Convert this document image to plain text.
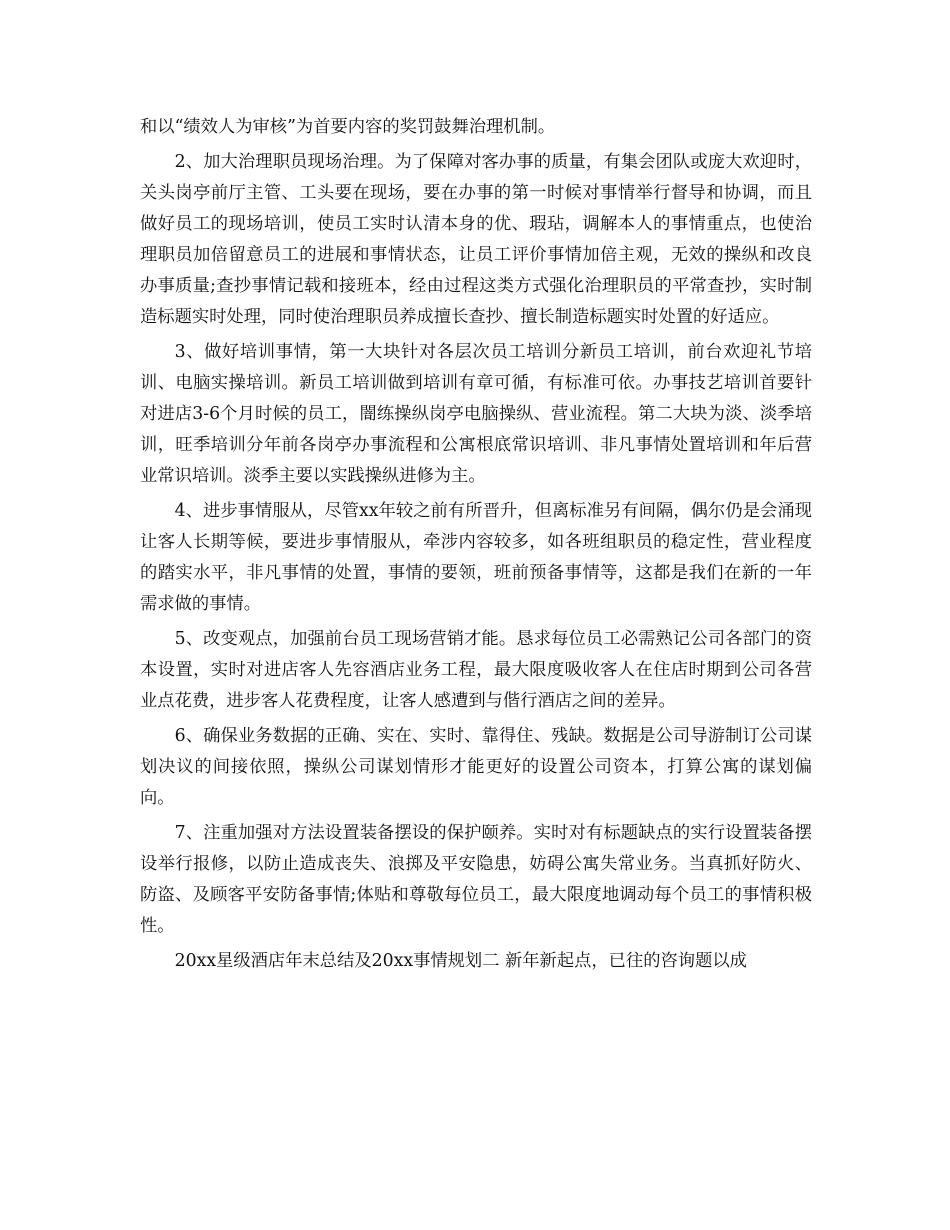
和以“绩效人为审核”为首要内容的奖罚鼓舞治理机制。

2、加大治理职员现场治理。为了保障对客办事的质量，有集会团队或庞大欢迎时，关头岗亭前厅主管、工头要在现场，要在办事的第一时候对事情举行督导和协调，而且做好员工的现场培训，使员工实时认清本身的优、瑕玷，调解本人的事情重点，也使治理职员加倍留意员工的进展和事情状态，让员工评价事情加倍主观，无效的操纵和改良办事质量;查抄事情记载和接班本，经由过程这类方式强化治理职员的平常查抄，实时制造标题实时处理，同时使治理职员养成擅长查抄、擅长制造标题实时处置的好适应。

3、做好培训事情，第一大块针对各层次员工培训分新员工培训，前台欢迎礼节培训、电脑实操培训。新员工培训做到培训有章可循，有标准可依。办事技艺培训首要针对进店3-6个月时候的员工，闇练操纵岗亭电脑操纵、营业流程。第二大块为淡、淡季培训，旺季培训分年前各岗亭办事流程和公寓根底常识培训、非凡事情处置培训和年后营业常识培训。淡季主要以实践操纵进修为主。

4、进步事情服从，尽管xx年较之前有所晋升，但离标准另有间隔，偶尔仍是会涌现让客人长期等候，要进步事情服从，牵涉内容较多，如各班组职员的稳定性，营业程度的踏实水平，非凡事情的处置，事情的要领，班前预备事情等，这都是我们在新的一年需求做的事情。

5、改变观点，加强前台员工现场营销才能。恳求每位员工必需熟记公司各部门的资本设置，实时对进店客人先容酒店业务工程，最大限度吸收客人在住店时期到公司各营业点花费，进步客人花费程度，让客人感遭到与偕行酒店之间的差异。

6、确保业务数据的正确、实在、实时、靠得住、残缺。数据是公司导游制订公司谋划决议的间接依照，操纵公司谋划情形才能更好的设置公司资本，打算公寓的谋划偏向。

7、注重加强对方法设置装备摆设的保护颐养。实时对有标题缺点的实行设置装备摆设举行报修，以防止造成丧失、浪掷及平安隐患，妨碍公寓失常业务。当真抓好防火、防盗、及顾客平安防备事情;体贴和尊敬每位员工，最大限度地调动每个员工的事情积极性。

20xx星级酒店年末总结及20xx事情规划二 新年新起点，已往的咨询题以成
